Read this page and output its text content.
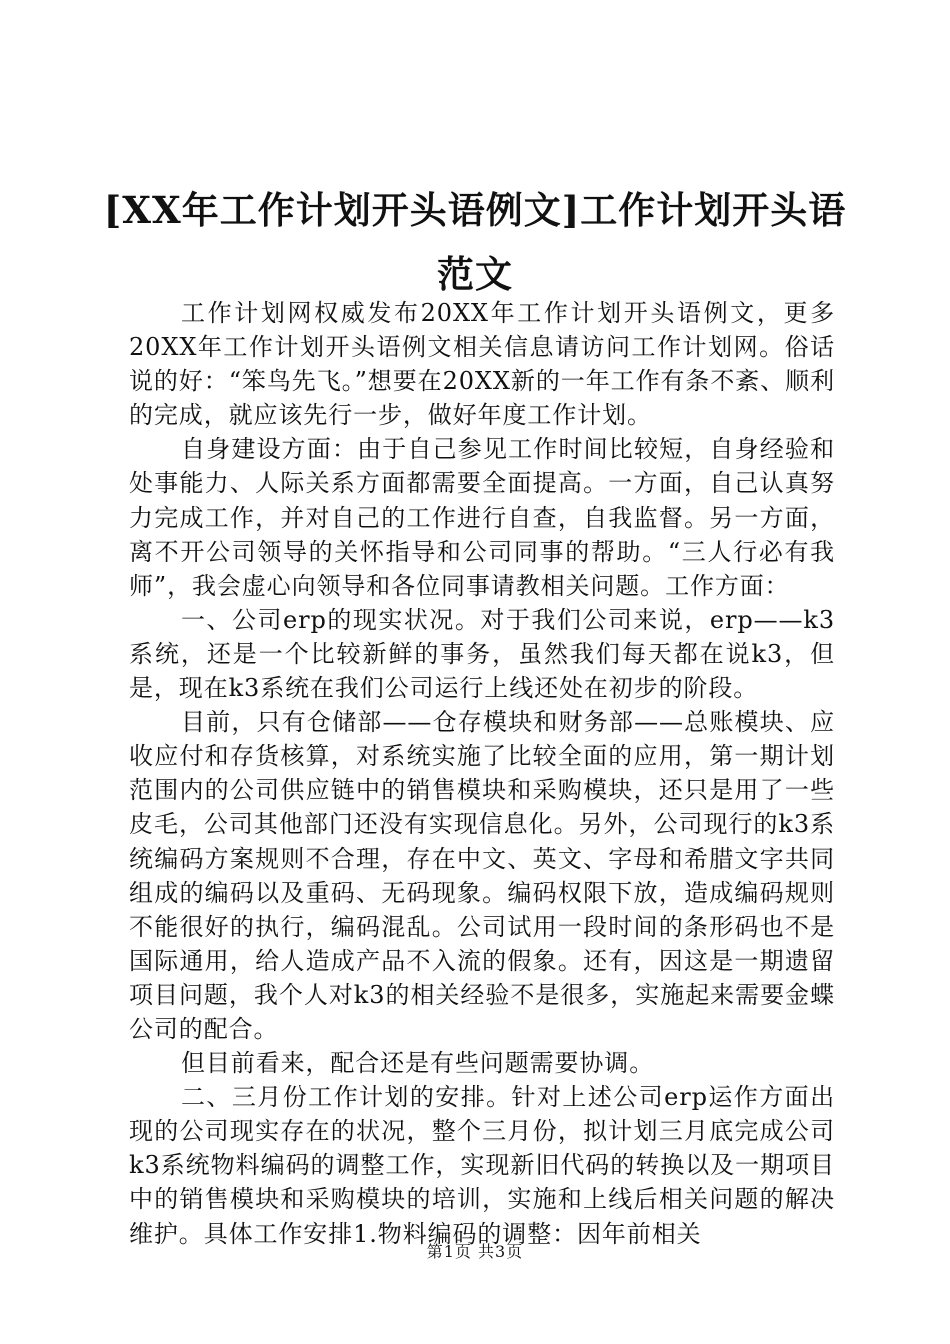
[XX年工作计划开头语例文]工作计划开头语
范文

工作计划网权威发布20XX年工作计划开头语例文，更多20XX年工作计划开头语例文相关信息请访问工作计划网。俗话说的好：“笨鸟先飞。”想要在20XX新的一年工作有条不紊、顺利的完成，就应该先行一步，做好年度工作计划。

自身建设方面：由于自己参见工作时间比较短，自身经验和处事能力、人际关系方面都需要全面提高。一方面，自己认真努力完成工作，并对自己的工作进行自查，自我监督。另一方面，离不开公司领导的关怀指导和公司同事的帮助。“三人行必有我师”，我会虚心向领导和各位同事请教相关问题。工作方面：

一、公司erp的现实状况。对于我们公司来说，erp——k3系统，还是一个比较新鲜的事务，虽然我们每天都在说k3，但是，现在k3系统在我们公司运行上线还处在初步的阶段。

目前，只有仓储部——仓存模块和财务部——总账模块、应收应付和存货核算，对系统实施了比较全面的应用，第一期计划范围内的公司供应链中的销售模块和采购模块，还只是用了一些皮毛，公司其他部门还没有实现信息化。另外，公司现行的k3系统编码方案规则不合理，存在中文、英文、字母和希腊文字共同组成的编码以及重码、无码现象。编码权限下放，造成编码规则不能很好的执行，编码混乱。公司试用一段时间的条形码也不是国际通用，给人造成产品不入流的假象。还有，因这是一期遗留项目问题，我个人对k3的相关经验不是很多，实施起来需要金蝶公司的配合。

但目前看来，配合还是有些问题需要协调。

二、三月份工作计划的安排。针对上述公司erp运作方面出现的公司现实存在的状况，整个三月份，拟计划三月底完成公司k3系统物料编码的调整工作，实现新旧代码的转换以及一期项目中的销售模块和采购模块的培训，实施和上线后相关问题的解决维护。具体工作安排1.物料编码的调整：因年前相关

第1页 共3页
